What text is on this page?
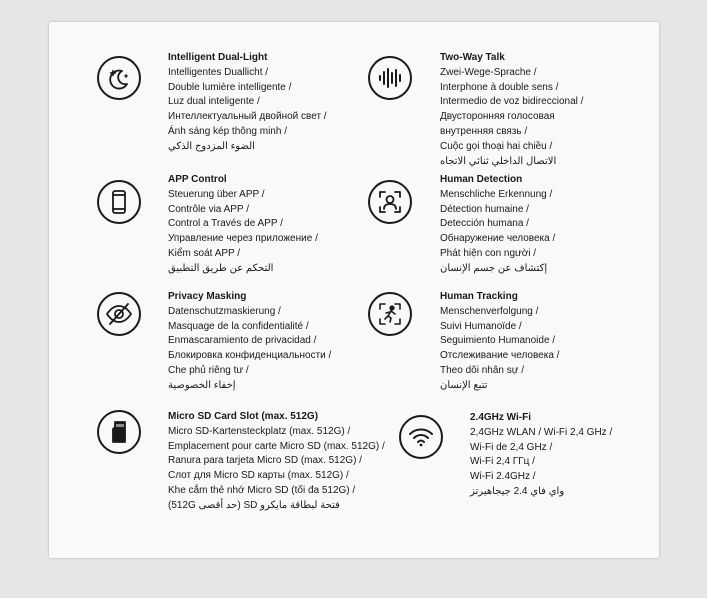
Intelligent Dual-Light
Intelligentes Duallicht /
Double lumière intelligente /
Luz dual inteligente /
Интеллектуальный двойной свет /
Ánh sáng kép thông minh /
الضوء المزدوج الذكي
Two-Way Talk
Zwei-Wege-Sprache /
Interphone à double sens /
Intermedio de voz bidireccional /
Двусторонняя голосовая
внутренняя связь /
Cuộc gọi thoại hai chiều /
الاتصال الداخلي ثنائي الاتجاه
APP Control
Steuerung über APP /
Contrôle via APP /
Control a Través de APP /
Управление через приложение /
Kiểm soát APP /
التحكم عن طريق التطبيق
Human Detection
Menschliche Erkennung /
Détection humaine /
Detección humana /
Обнаружение человека /
Phát hiện con người /
إكتشاف عن جسم الإنسان
Privacy Masking
Datenschutzmaskierung /
Masquage de la confidentialité /
Enmascaramiento de privacidad /
Блокировка конфиденциальности /
Che phủ riêng tư /
إخفاء الخصوصية
Human Tracking
Menschenverfolgung /
Suivi Humanoïde /
Seguimiento Humanoide /
Отслеживание человека /
Theo dõi nhân sự /
تتبع الإنسان
Micro SD Card Slot (max. 512G)
Micro SD-Kartensteckplatz (max. 512G) /
Emplacement pour carte Micro SD (max. 512G) /
Ranura para tarjeta Micro SD (max. 512G) /
Слот для Micro SD карты (max. 512G) /
Khe cắm thẻ nhớ Micro SD (tối đa 512G) /
فتحة لبطاقة مايكرو SD (حد أقصى 512G)
2.4GHz Wi-Fi
2,4GHz WLAN / Wi-Fi 2,4 GHz /
Wi-Fi de 2,4 GHz /
Wi-Fi 2,4 ГГц /
Wi-Fi 2.4GHz /
واي فاي 2.4 جيجاهيرتز
